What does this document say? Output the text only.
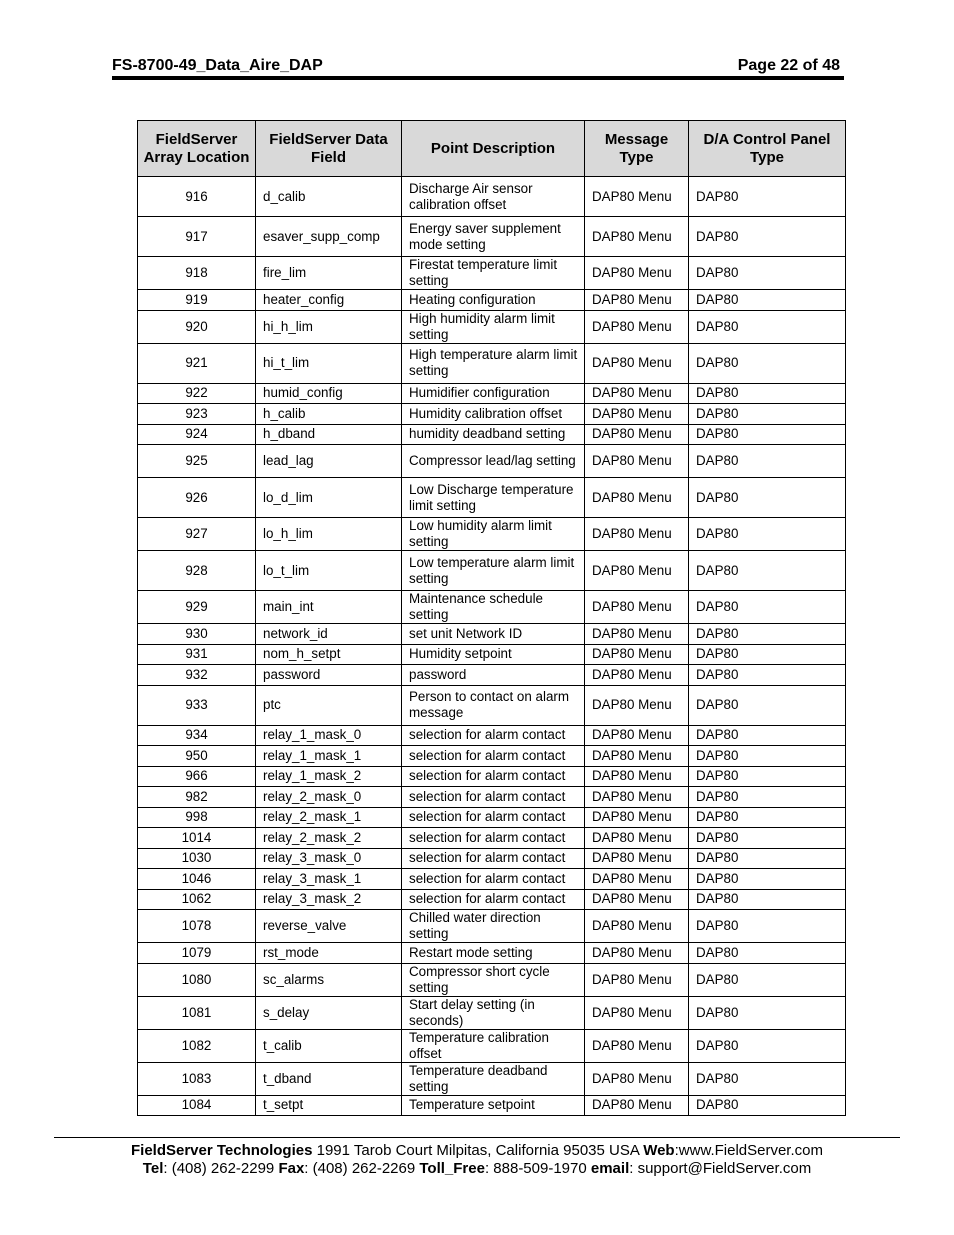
FS-8700-49_Data_Aire_DAP	Page 22 of 48
FieldServer Array Location	FieldServer Data Field	Point Description	Message Type	D/A Control Panel Type
916	d_calib	Discharge Air sensor calibration offset	DAP80 Menu	DAP80
917	esaver_supp_comp	Energy saver supplement mode setting	DAP80 Menu	DAP80
918	fire_lim	Firestat temperature limit setting	DAP80 Menu	DAP80
919	heater_config	Heating configuration	DAP80 Menu	DAP80
920	hi_h_lim	High humidity alarm limit setting	DAP80 Menu	DAP80
921	hi_t_lim	High temperature alarm limit setting	DAP80 Menu	DAP80
922	humid_config	Humidifier configuration	DAP80 Menu	DAP80
923	h_calib	Humidity calibration offset	DAP80 Menu	DAP80
924	h_dband	humidity deadband setting	DAP80 Menu	DAP80
925	lead_lag	Compressor lead/lag setting	DAP80 Menu	DAP80
926	lo_d_lim	Low Discharge temperature limit setting	DAP80 Menu	DAP80
927	lo_h_lim	Low humidity alarm limit setting	DAP80 Menu	DAP80
928	lo_t_lim	Low temperature alarm limit setting	DAP80 Menu	DAP80
929	main_int	Maintenance schedule setting	DAP80 Menu	DAP80
930	network_id	set unit Network ID	DAP80 Menu	DAP80
931	nom_h_setpt	Humidity setpoint	DAP80 Menu	DAP80
932	password	password	DAP80 Menu	DAP80
933	ptc	Person to contact on alarm message	DAP80 Menu	DAP80
934	relay_1_mask_0	selection for alarm contact	DAP80 Menu	DAP80
950	relay_1_mask_1	selection for alarm contact	DAP80 Menu	DAP80
966	relay_1_mask_2	selection for alarm contact	DAP80 Menu	DAP80
982	relay_2_mask_0	selection for alarm contact	DAP80 Menu	DAP80
998	relay_2_mask_1	selection for alarm contact	DAP80 Menu	DAP80
1014	relay_2_mask_2	selection for alarm contact	DAP80 Menu	DAP80
1030	relay_3_mask_0	selection for alarm contact	DAP80 Menu	DAP80
1046	relay_3_mask_1	selection for alarm contact	DAP80 Menu	DAP80
1062	relay_3_mask_2	selection for alarm contact	DAP80 Menu	DAP80
1078	reverse_valve	Chilled water direction setting	DAP80 Menu	DAP80
1079	rst_mode	Restart mode setting	DAP80 Menu	DAP80
1080	sc_alarms	Compressor short cycle setting	DAP80 Menu	DAP80
1081	s_delay	Start delay setting (in seconds)	DAP80 Menu	DAP80
1082	t_calib	Temperature calibration offset	DAP80 Menu	DAP80
1083	t_dband	Temperature deadband setting	DAP80 Menu	DAP80
1084	t_setpt	Temperature setpoint	DAP80 Menu	DAP80
FieldServer Technologies 1991 Tarob Court Milpitas, California 95035 USA Web:www.FieldServer.com
Tel: (408) 262-2299 Fax: (408) 262-2269 Toll_Free: 888-509-1970 email: support@FieldServer.com
